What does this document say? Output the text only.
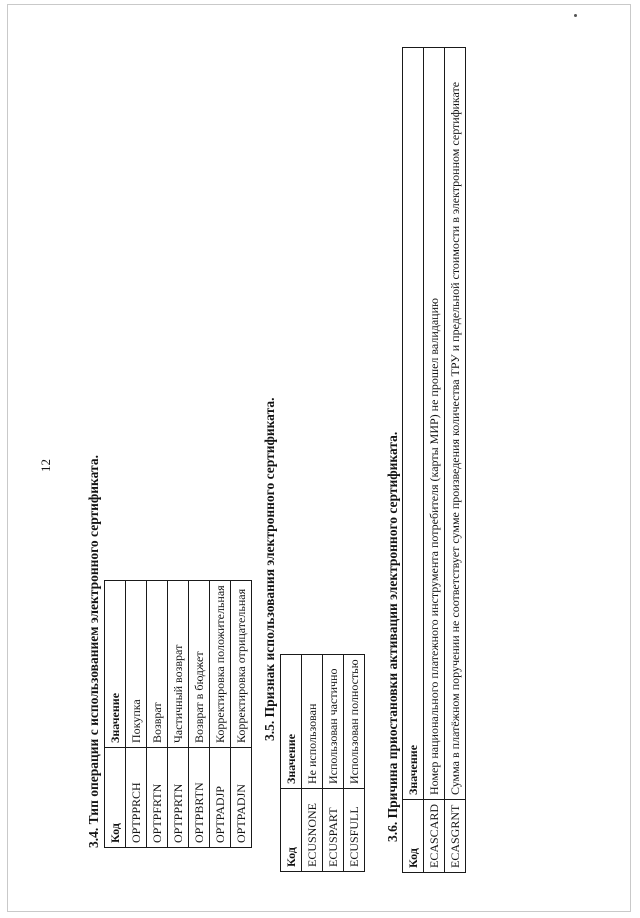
12 3.4. Тип операции с использованием электронного сертификата. Код	Значение
OPTPPRCH	Покупка
OPTPFRTN	Возврат
OPTPPRTN	Частичный возврат
OPTPBRTN	Возврат в бюджет
OPTPADJP	Корректировка положительная
OPTPADJN	Корректировка отрицательная 3.5. Признак использования электронного сертификата.
Код	Значение
ECUSNONE	Не использован
ECUSPART	Использован частично
ECUSFULL	Использован полностью 3.6. Причина приостановки активации электронного сертификата.
Код	Значение
ECASCARD	Номер национального платежного инструмента потребителя (карты МИР) не прошел валидацию
ECASGRNT	Сумма в платёжном поручении не соответствует сумме произведения количества ТРУ и предельной стоимости в электронном сертификате
